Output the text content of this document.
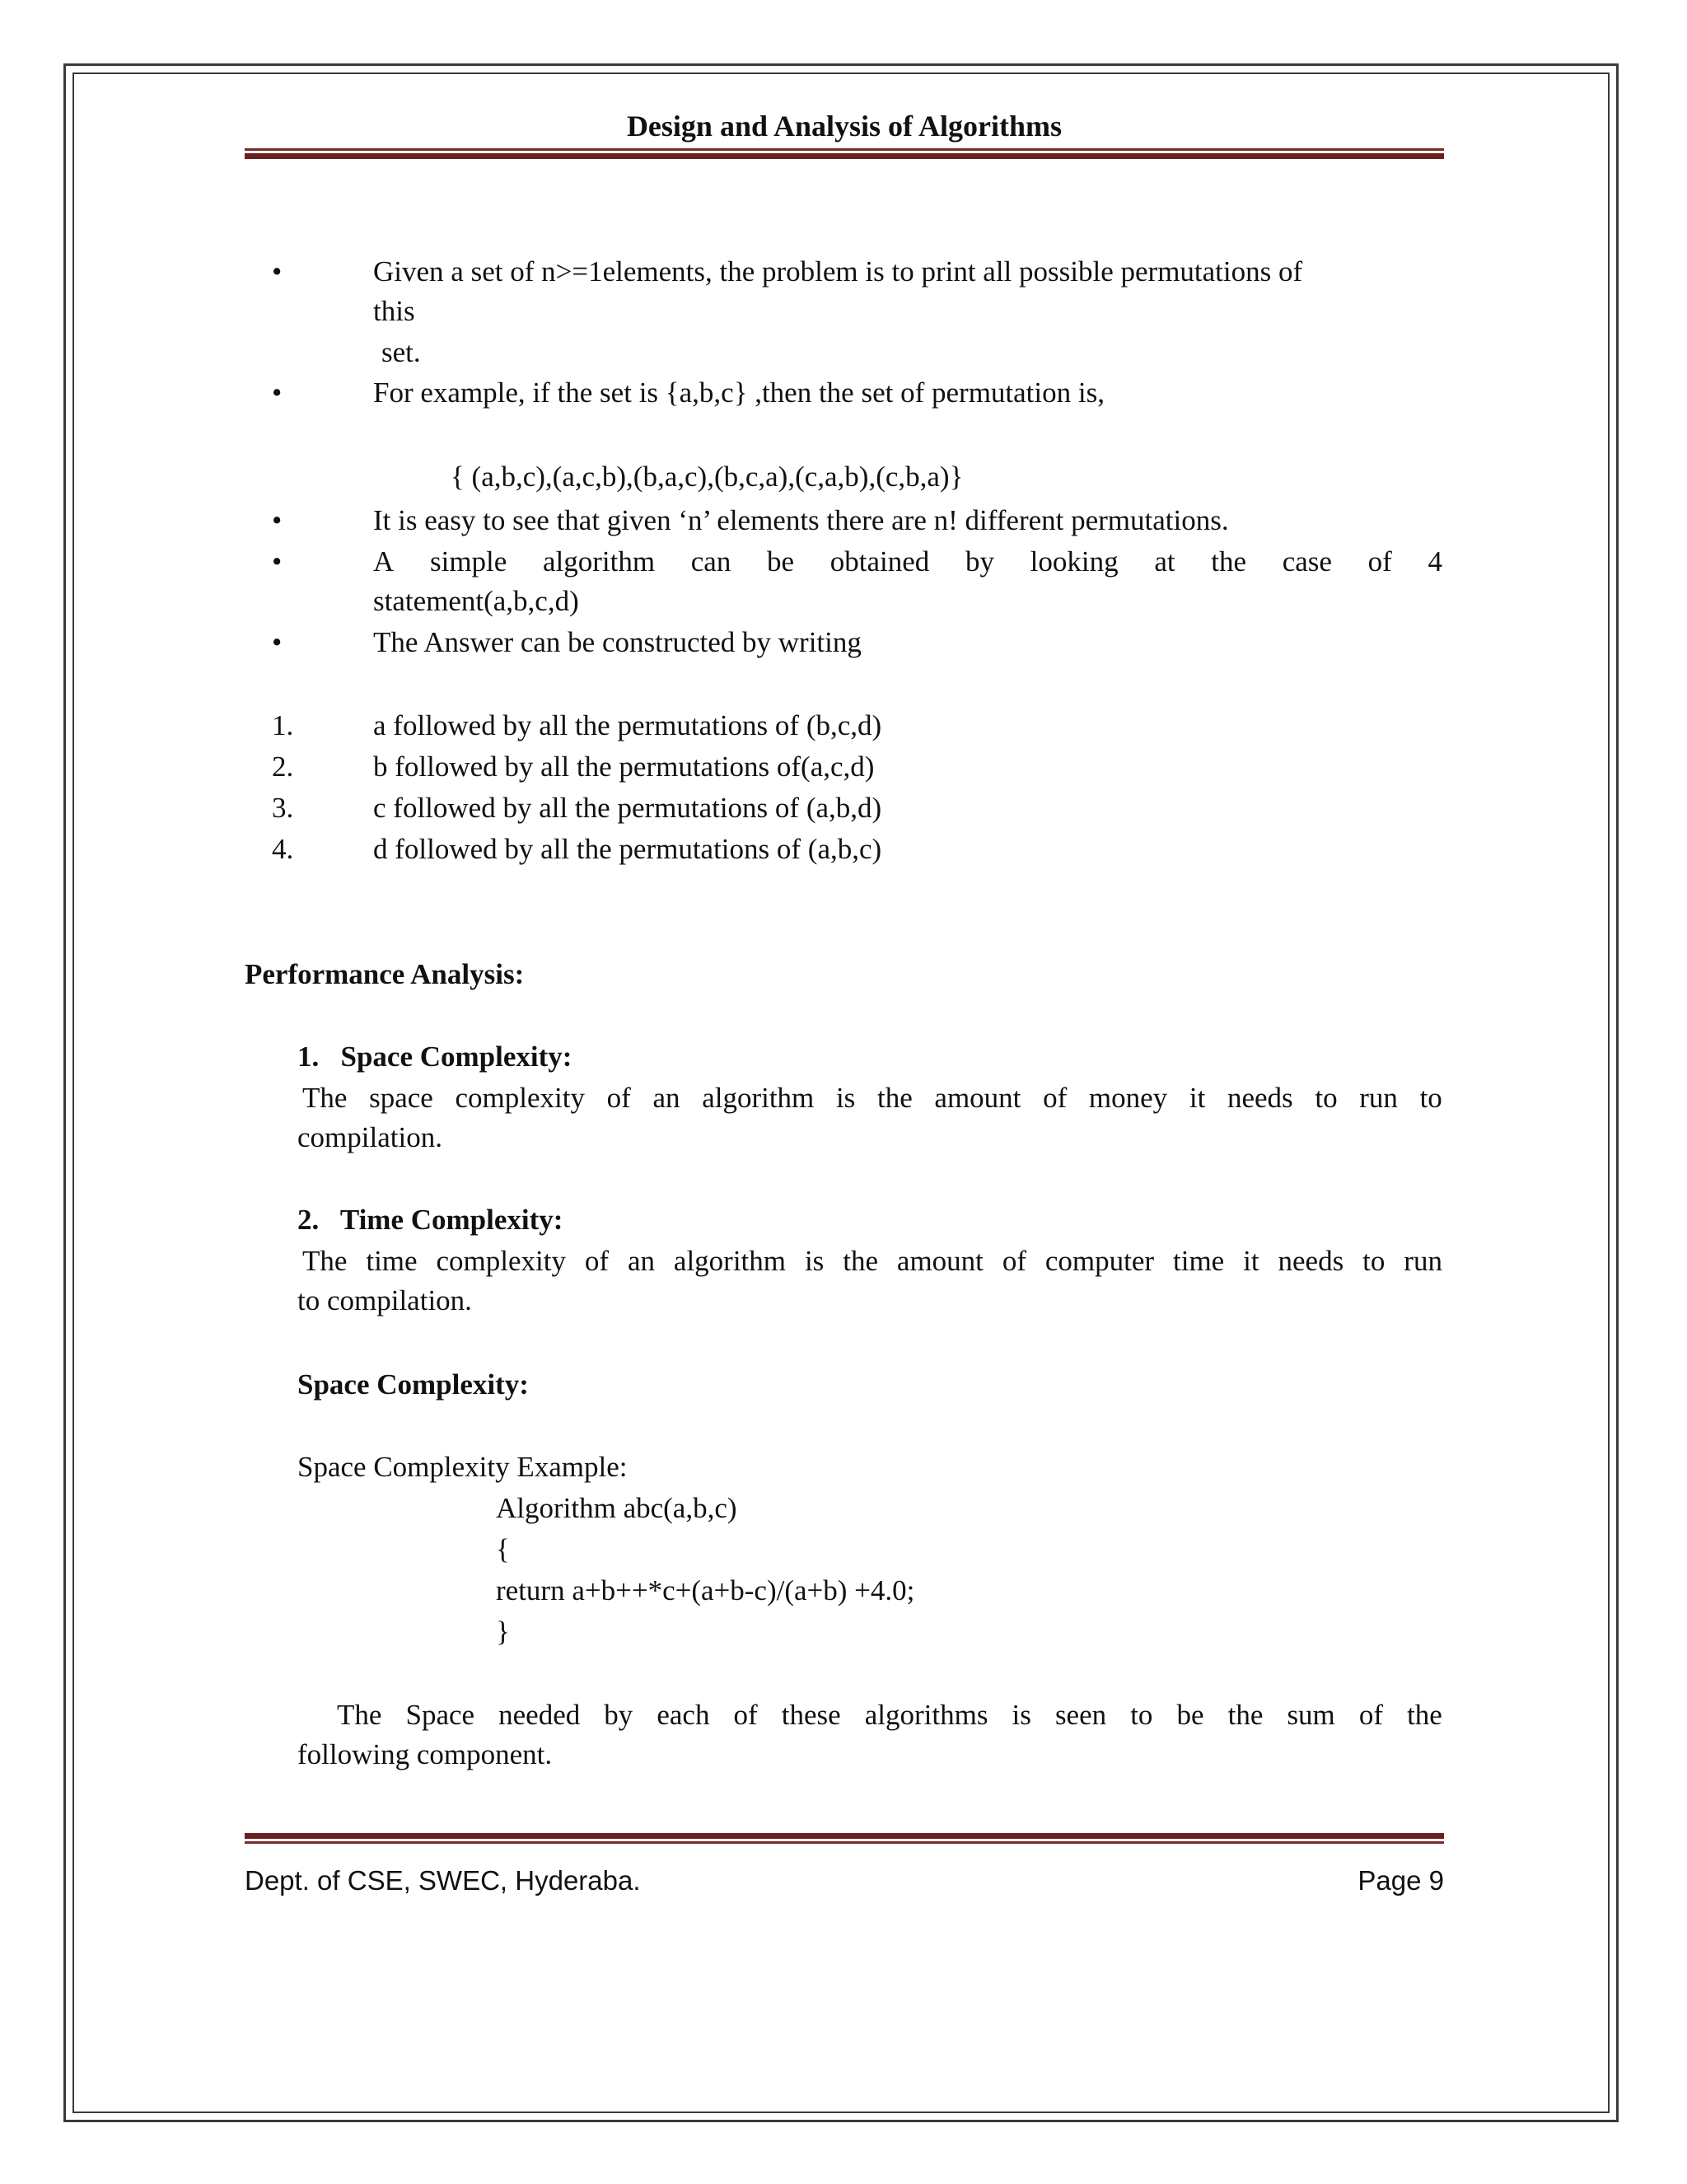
Design and Analysis of Algorithms
•	Given a set of n>=1elements, the problem is to print all possible permutations of
this
set.
•	For example, if the set is {a,b,c} ,then the set of permutation is,
{ (a,b,c),(a,c,b),(b,a,c),(b,c,a),(c,a,b),(c,b,a)}
•	It is easy to see that given ‘n’ elements there are n! different permutations.
•	A simple algorithm can be obtained by looking at the case of 4
statement(a,b,c,d)
•	The Answer can be constructed by writing
1.	a followed by all the permutations of (b,c,d)
2.	b followed by all the permutations of(a,c,d)
3.	c followed by all the permutations of (a,b,d)
4.	d followed by all the permutations of (a,b,c)
Performance Analysis:
1.   Space Complexity:
The space complexity of an algorithm is the amount of money it needs to run to
compilation.
2.   Time Complexity:
The time complexity of an algorithm is the amount of computer time it needs to run
to compilation.
Space Complexity:
Space Complexity Example:
Algorithm abc(a,b,c)
{
return a+b++*c+(a+b-c)/(a+b) +4.0;
}
The Space needed by each of these algorithms is seen to be the sum of the
following component.
Dept. of CSE, SWEC, Hyderaba.	Page 9
